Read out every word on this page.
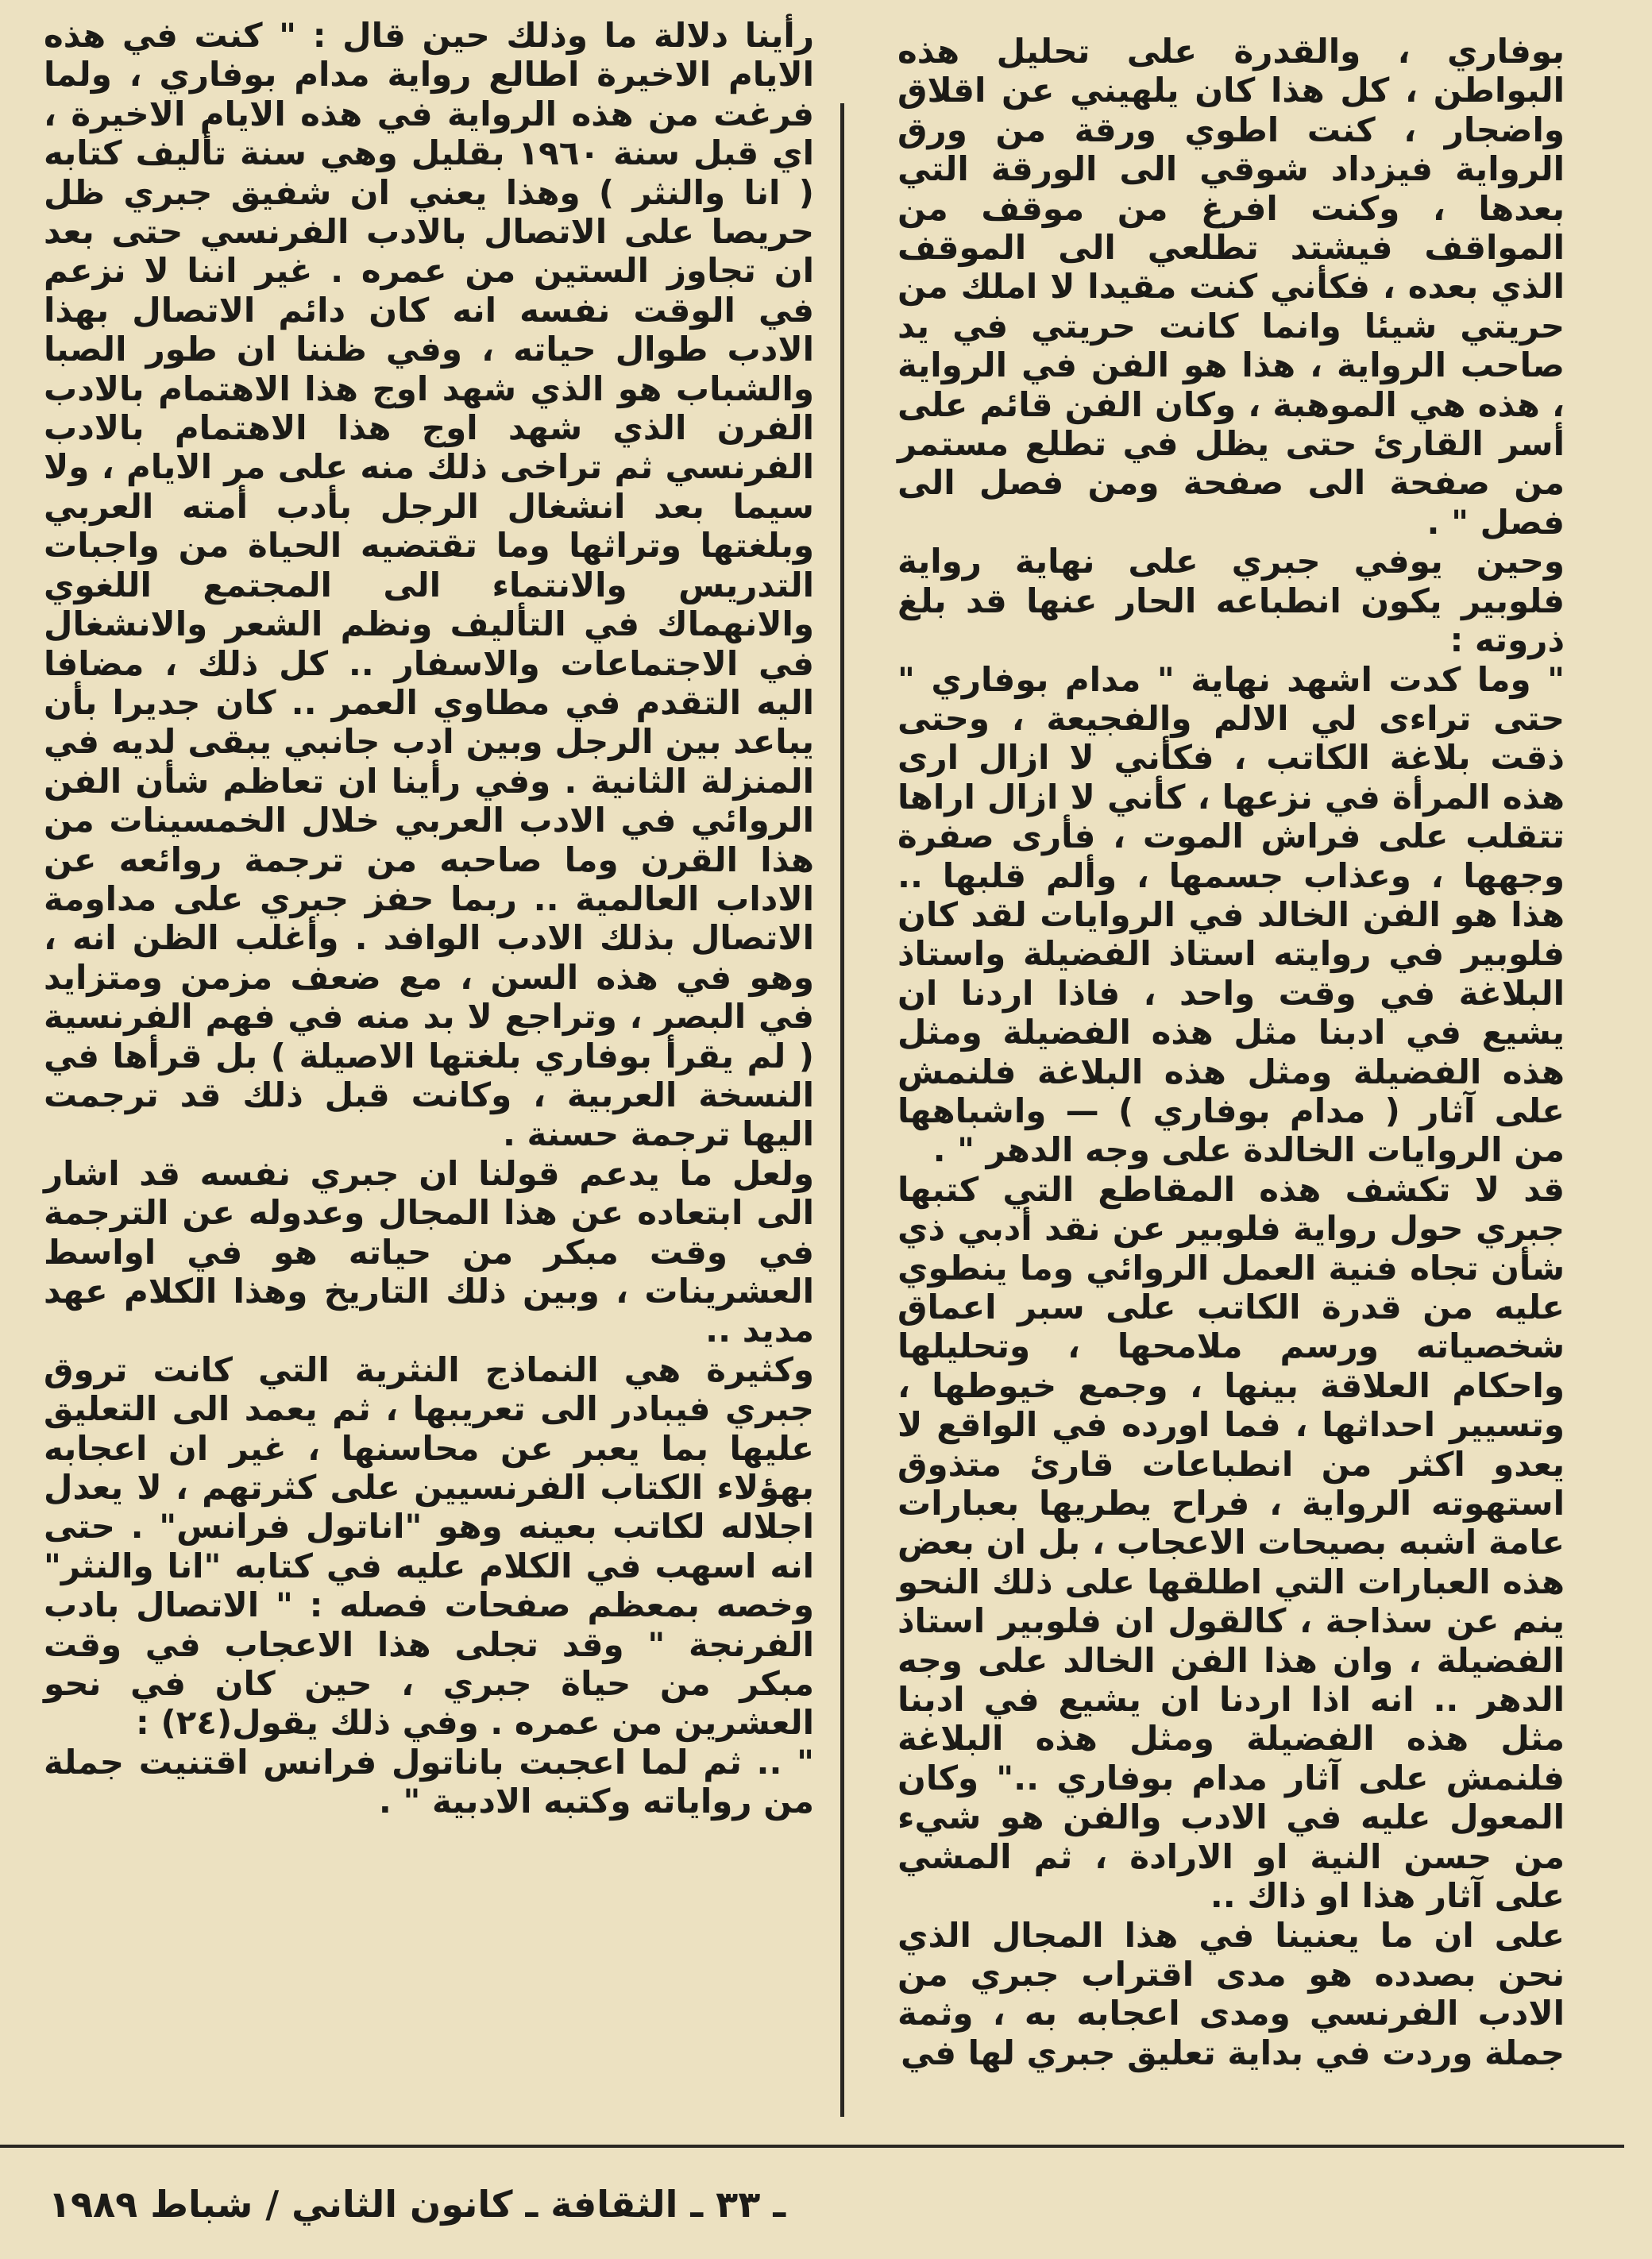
بوفاري ، والقدرة على تحليل هذه البواطن ، كل هذا كان يلهيني عن اقلاق واضجار ، كنت اطوي ورقة من ورق الرواية فيزداد شوقي الى الورقة التي بعدها ، وكنت افرغ من موقف من المواقف فيشتد تطلعي الى الموقف الذي بعده ، فكأني كنت مقيدا لا املك من حريتي شيئا وانما كانت حريتي في يد صاحب الرواية ، هذا هو الفن في الرواية ، هذه هي الموهبة ، وكان الفن قائم على أسر القارئ حتى يظل في تطلع مستمر من صفحة الى صفحة ومن فصل الى فصل " .

وحين يوفي جبري على نهاية رواية فلوبير يكون انطباعه الحار عنها قد بلغ ذروته :

" وما كدت اشهد نهاية " مدام بوفاري " حتى تراءى لي الالم والفجيعة ، وحتى ذقت بلاغة الكاتب ، فكأني لا ازال ارى هذه المرأة في نزعها ، كأني لا ازال اراها تتقلب على فراش الموت ، فأرى صفرة وجهها ، وعذاب جسمها ، وألم قلبها .. هذا هو الفن الخالد في الروايات لقد كان فلوبير في روايته استاذ الفضيلة واستاذ البلاغة في وقت واحد ، فاذا اردنا ان يشيع في ادبنا مثل هذه الفضيلة ومثل هذه الفضيلة ومثل هذه البلاغة فلنمش على آثار ( مدام بوفاري ) — واشباهها من الروايات الخالدة على وجه الدهر " .

قد لا تكشف هذه المقاطع التي كتبها جبري حول رواية فلوبير عن نقد أدبي ذي شأن تجاه فنية العمل الروائي وما ينطوي عليه من قدرة الكاتب على سبر اعماق شخصياته ورسم ملامحها ، وتحليلها واحكام العلاقة بينها ، وجمع خيوطها ، وتسيير احداثها ، فما اورده في الواقع لا يعدو اكثر من انطباعات قارئ متذوق استهوته الرواية ، فراح يطريها بعبارات عامة اشبه بصيحات الاعجاب ، بل ان بعض هذه العبارات التي اطلقها على ذلك النحو ينم عن سذاجة ، كالقول ان فلوبير استاذ الفضيلة ، وان هذا الفن الخالد على وجه الدهر .. انه اذا اردنا ان يشيع في ادبنا مثل هذه الفضيلة ومثل هذه البلاغة فلنمش على آثار مدام بوفاري .." وكان المعول عليه في الادب والفن هو شيء من حسن النية او الارادة ، ثم المشي على آثار هذا او ذاك ..

على ان ما يعنينا في هذا المجال الذي نحن بصدده هو مدى اقتراب جبري من الادب الفرنسي ومدى اعجابه به ، وثمة جملة وردت في بداية تعليق جبري لها في

رأينا دلالة ما وذلك حين قال : " كنت في هذه الايام الاخيرة اطالع رواية مدام بوفاري ، ولما فرغت من هذه الرواية في هذه الايام الاخيرة ، اي قبل سنة ١٩٦٠ بقليل وهي سنة تأليف كتابه ( انا والنثر ) وهذا يعني ان شفيق جبري ظل حريصا على الاتصال بالادب الفرنسي حتى بعد ان تجاوز الستين من عمره . غير اننا لا نزعم في الوقت نفسه انه كان دائم الاتصال بهذا الادب طوال حياته ، وفي ظننا ان طور الصبا والشباب هو الذي شهد اوج هذا الاهتمام بالادب الفرن الذي شهد اوج هذا الاهتمام بالادب الفرنسي ثم تراخى ذلك منه على مر الايام ، ولا سيما بعد انشغال الرجل بأدب أمته العربي وبلغتها وتراثها وما تقتضيه الحياة من واجبات التدريس والانتماء الى المجتمع اللغوي والانهماك في التأليف ونظم الشعر والانشغال في الاجتماعات والاسفار .. كل ذلك ، مضافا اليه التقدم في مطاوي العمر .. كان جديرا بأن يباعد بين الرجل وبين ادب جانبي يبقى لديه في المنزلة الثانية . وفي رأينا ان تعاظم شأن الفن الروائي في الادب العربي خلال الخمسينات من هذا القرن وما صاحبه من ترجمة روائعه عن الاداب العالمية .. ربما حفز جبري على مداومة الاتصال بذلك الادب الوافد . وأغلب الظن انه ، وهو في هذه السن ، مع ضعف مزمن ومتزايد في البصر ، وتراجع لا بد منه في فهم الفرنسية ( لم يقرأ بوفاري بلغتها الاصيلة ) بل قرأها في النسخة العربية ، وكانت قبل ذلك قد ترجمت اليها ترجمة حسنة .

ولعل ما يدعم قولنا ان جبري نفسه قد اشار الى ابتعاده عن هذا المجال وعدوله عن الترجمة في وقت مبكر من حياته هو في اواسط العشرينات ، وبين ذلك التاريخ وهذا الكلام عهد مديد ..

وكثيرة هي النماذج النثرية التي كانت تروق جبري فيبادر الى تعريبها ، ثم يعمد الى التعليق عليها بما يعبر عن محاسنها ، غير ان اعجابه بهؤلاء الكتاب الفرنسيين على كثرتهم ، لا يعدل اجلاله لكاتب بعينه وهو "اناتول فرانس" . حتى انه اسهب في الكلام عليه في كتابه "انا والنثر" وخصه بمعظم صفحات فصله : " الاتصال بادب الفرنجة " وقد تجلى هذا الاعجاب في وقت مبكر من حياة جبري ، حين كان في نحو العشرين من عمره . وفي ذلك يقول(٢٤) :

" .. ثم لما اعجبت باناتول فرانس اقتنيت جملة من رواياته وكتبه الادبية " .

ـ ٣٣ ـ الثقافة ـ كانون الثاني / شباط ١٩٨٩
